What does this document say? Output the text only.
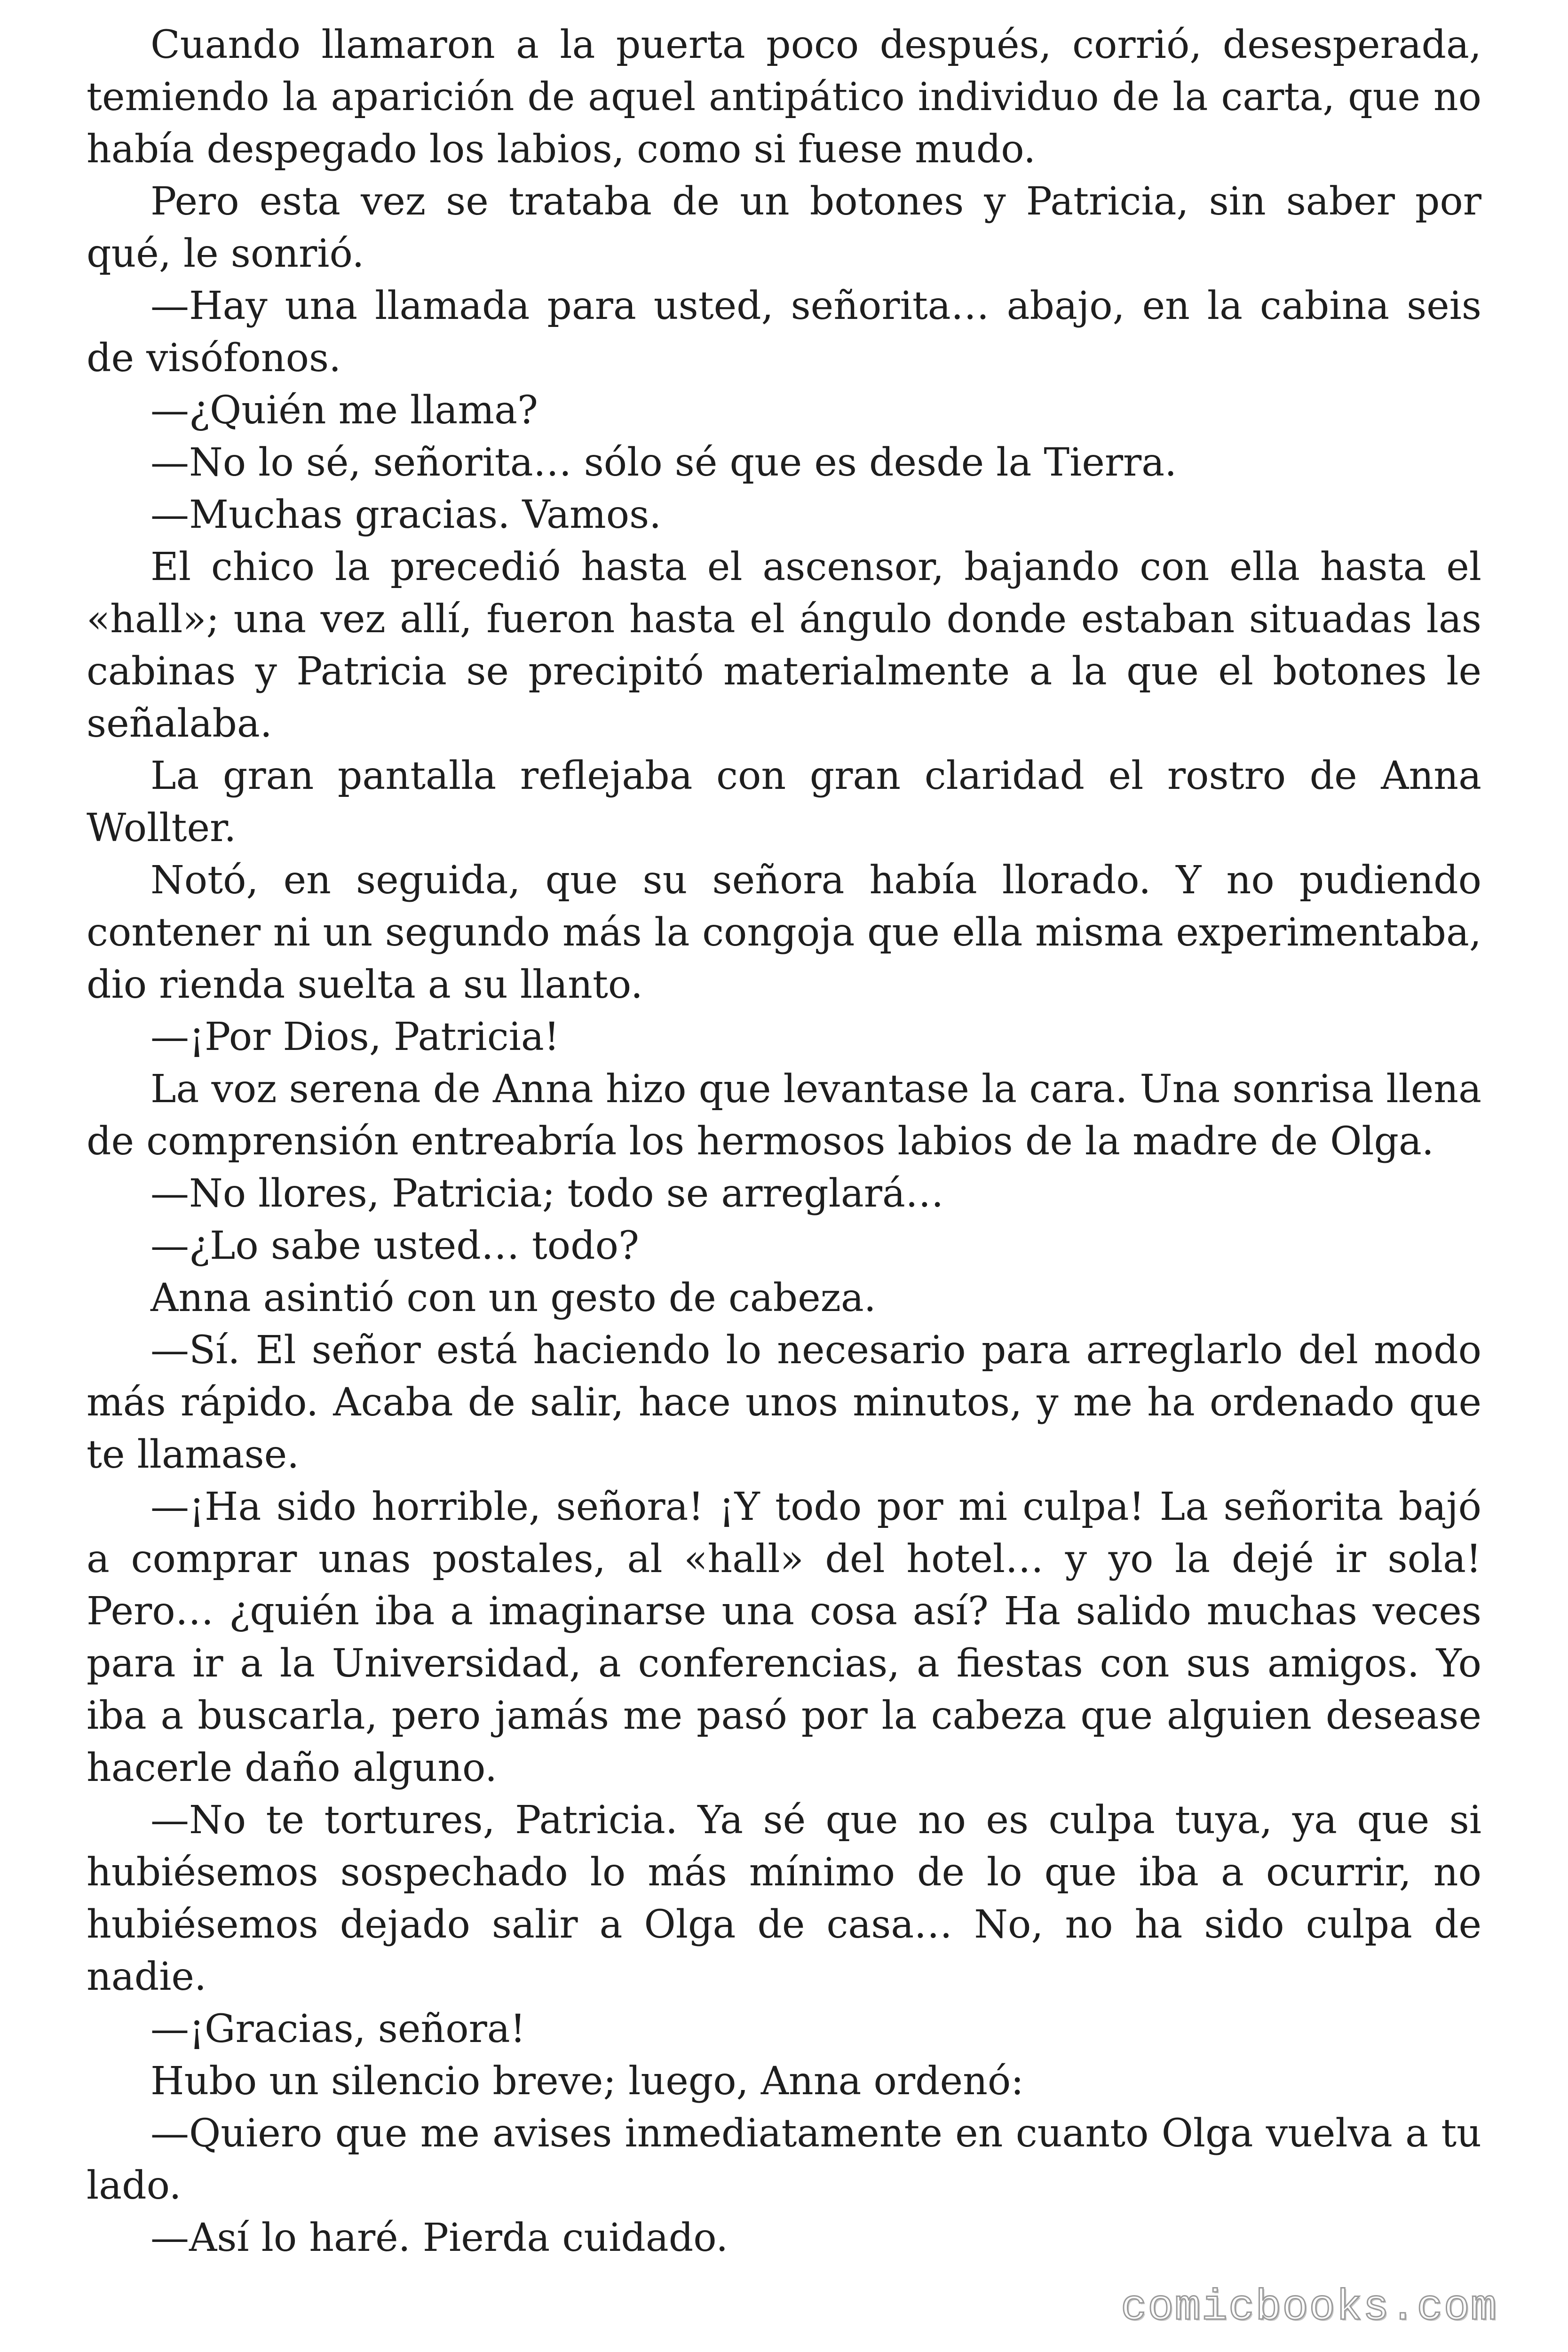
Cuando llamaron a la puerta poco después, corrió, desesperada, temiendo la aparición de aquel antipático individuo de la carta, que no había despegado los labios, como si fuese mudo.

Pero esta vez se trataba de un botones y Patricia, sin saber por qué, le sonrió.

—Hay una llamada para usted, señorita… abajo, en la cabina seis de visófonos.

—¿Quién me llama?

—No lo sé, señorita… sólo sé que es desde la Tierra.

—Muchas gracias. Vamos.

El chico la precedió hasta el ascensor, bajando con ella hasta el «hall»; una vez allí, fueron hasta el ángulo donde estaban situadas las cabinas y Patricia se precipitó materialmente a la que el botones le señalaba.

La gran pantalla reflejaba con gran claridad el rostro de Anna Wollter.

Notó, en seguida, que su señora había llorado. Y no pudiendo contener ni un segundo más la congoja que ella misma experimentaba, dio rienda suelta a su llanto.

—¡Por Dios, Patricia!

La voz serena de Anna hizo que levantase la cara. Una sonrisa llena de comprensión entreabría los hermosos labios de la madre de Olga.

—No llores, Patricia; todo se arreglará…

—¿Lo sabe usted… todo?

Anna asintió con un gesto de cabeza.

—Sí. El señor está haciendo lo necesario para arreglarlo del modo más rápido. Acaba de salir, hace unos minutos, y me ha ordenado que te llamase.

—¡Ha sido horrible, señora! ¡Y todo por mi culpa! La señorita bajó a comprar unas postales, al «hall» del hotel… y yo la dejé ir sola! Pero… ¿quién iba a imaginarse una cosa así? Ha salido muchas veces para ir a la Universidad, a conferencias, a fiestas con sus amigos. Yo iba a buscarla, pero jamás me pasó por la cabeza que alguien desease hacerle daño alguno.

—No te tortures, Patricia. Ya sé que no es culpa tuya, ya que si hubiésemos sospechado lo más mínimo de lo que iba a ocurrir, no hubiésemos dejado salir a Olga de casa… No, no ha sido culpa de nadie.

—¡Gracias, señora!

Hubo un silencio breve; luego, Anna ordenó:

—Quiero que me avises inmediatamente en cuanto Olga vuelva a tu lado.

—Así lo haré. Pierda cuidado.

comicbooks.com
